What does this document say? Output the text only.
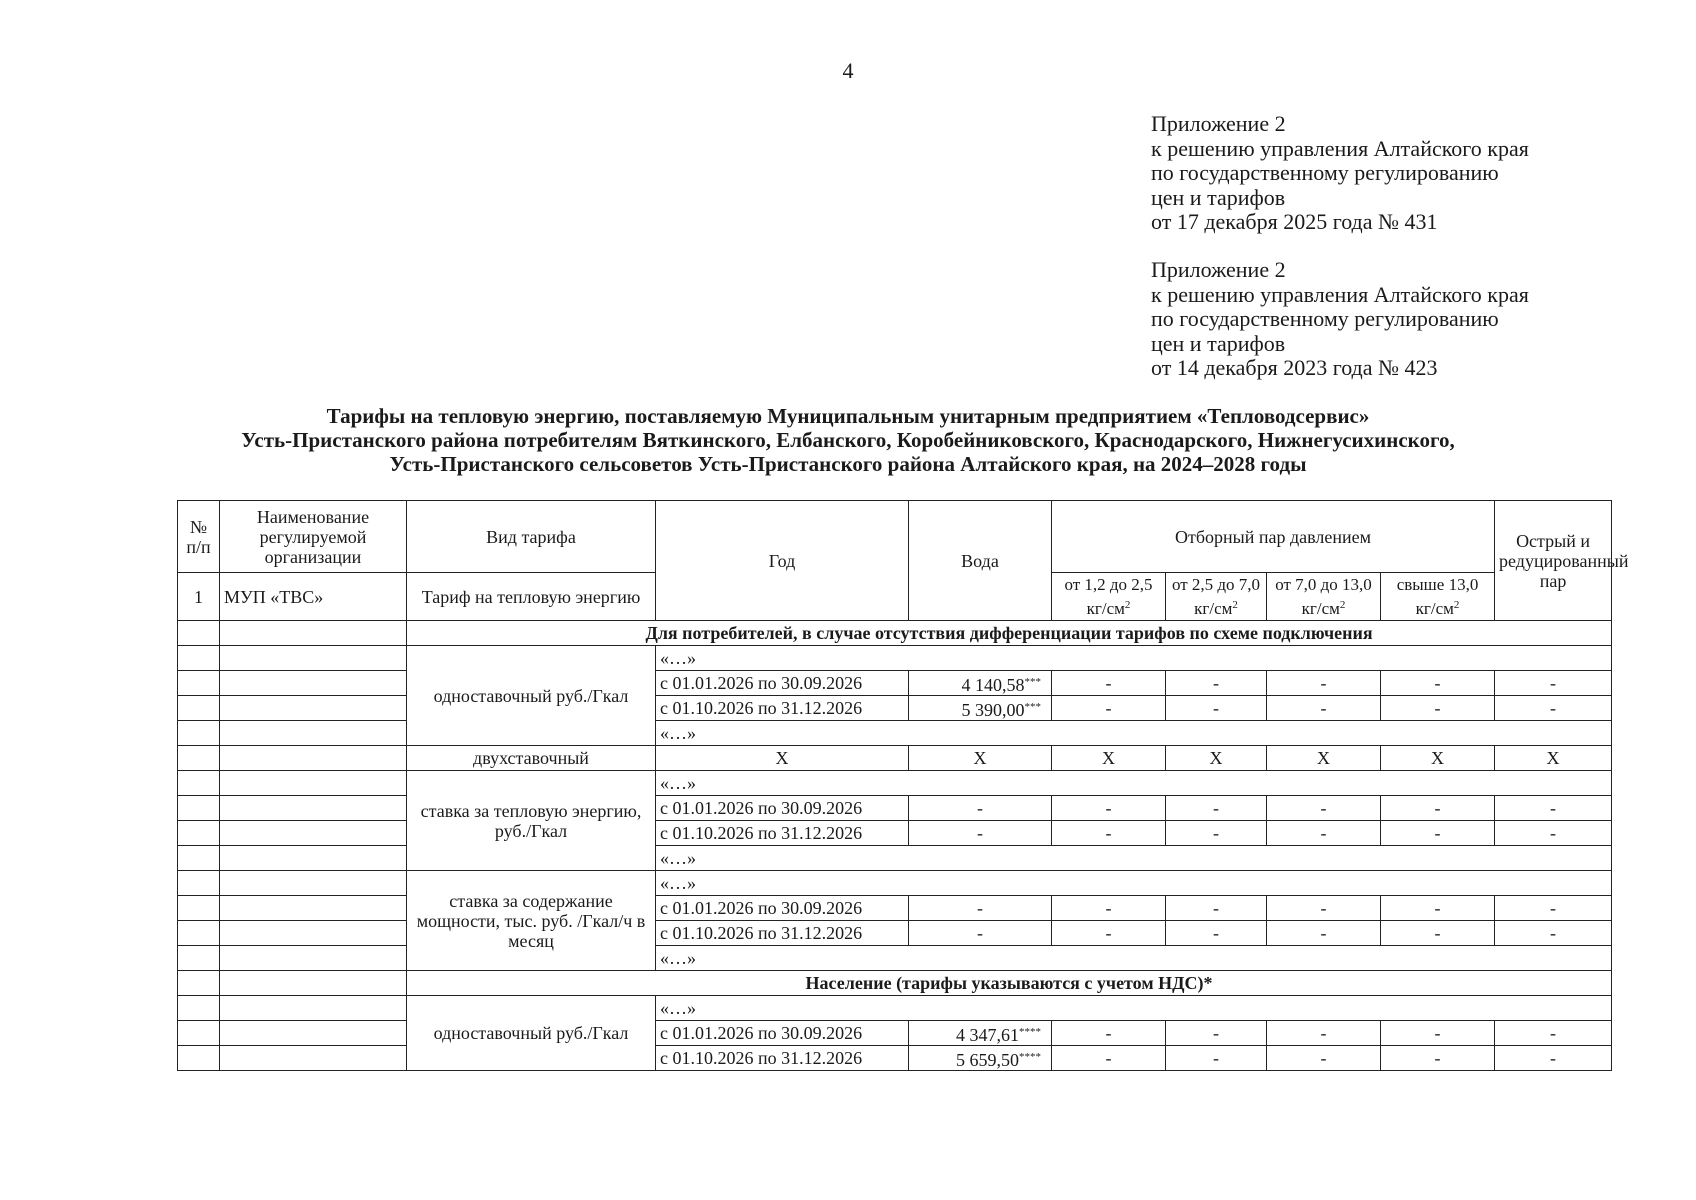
4
Приложение 2
к решению управления Алтайского края
по государственному регулированию
цен и тарифов
от 17 декабря 2025 года № 431
Приложение 2
к решению управления Алтайского края
по государственному регулированию
цен и тарифов
от 14 декабря 2023 года № 423
Тарифы на тепловую энергию, поставляемую Муниципальным унитарным предприятием «Тепловодсервис»
Усть-Пристанского района потребителям Вяткинского, Елбанского, Коробейниковского, Краснодарского, Нижнегусихинского,
Усть-Пристанского сельсоветов Усть-Пристанского района Алтайского края, на 2024–2028 годы
№ п/п	Наименование регулируемой организации	Вид тарифа	Год	Вода	Отборный пар давлением				Острый и редуцированный пар
1	МУП «ТВС»	Тариф на тепловую энергию			от 1,2 до 2,5 $кг/см^2$	от 2,5 до 7,0 $кг/см^2$	от 7,0 до 13,0 $кг/см^2$	свыше 13,0 $кг/см^2$
		Для потребителей, в случае отсутствия дифференциации тарифов по схеме подключения							
		одноставочный руб./Гкал	«…»						
			с 01.01.2026 по 30.09.2026	4 140,58***	-	-	-	-	-
			с 01.10.2026 по 31.12.2026	5 390,00***	-	-	-	-	-
			«…»						
		двухставочный	X	X	X	X	X	X	X
		ставка за тепловую энергию, руб./Гкал	«…»						
			с 01.01.2026 по 30.09.2026	-	-	-	-	-	-
			с 01.10.2026 по 31.12.2026	-	-	-	-	-	-
			«…»						
		ставка за содержание мощности, тыс. руб. /Гкал/ч в месяц	«…»						
			с 01.01.2026 по 30.09.2026	-	-	-	-	-	-
			с 01.10.2026 по 31.12.2026	-	-	-	-	-	-
			«…»						
		Население (тарифы указываются с учетом НДС)*							
		одноставочный руб./Гкал	«…»						
			с 01.01.2026 по 30.09.2026	4 347,61****	-	-	-	-	-
			с 01.10.2026 по 31.12.2026	5 659,50****	-	-	-	-	-
